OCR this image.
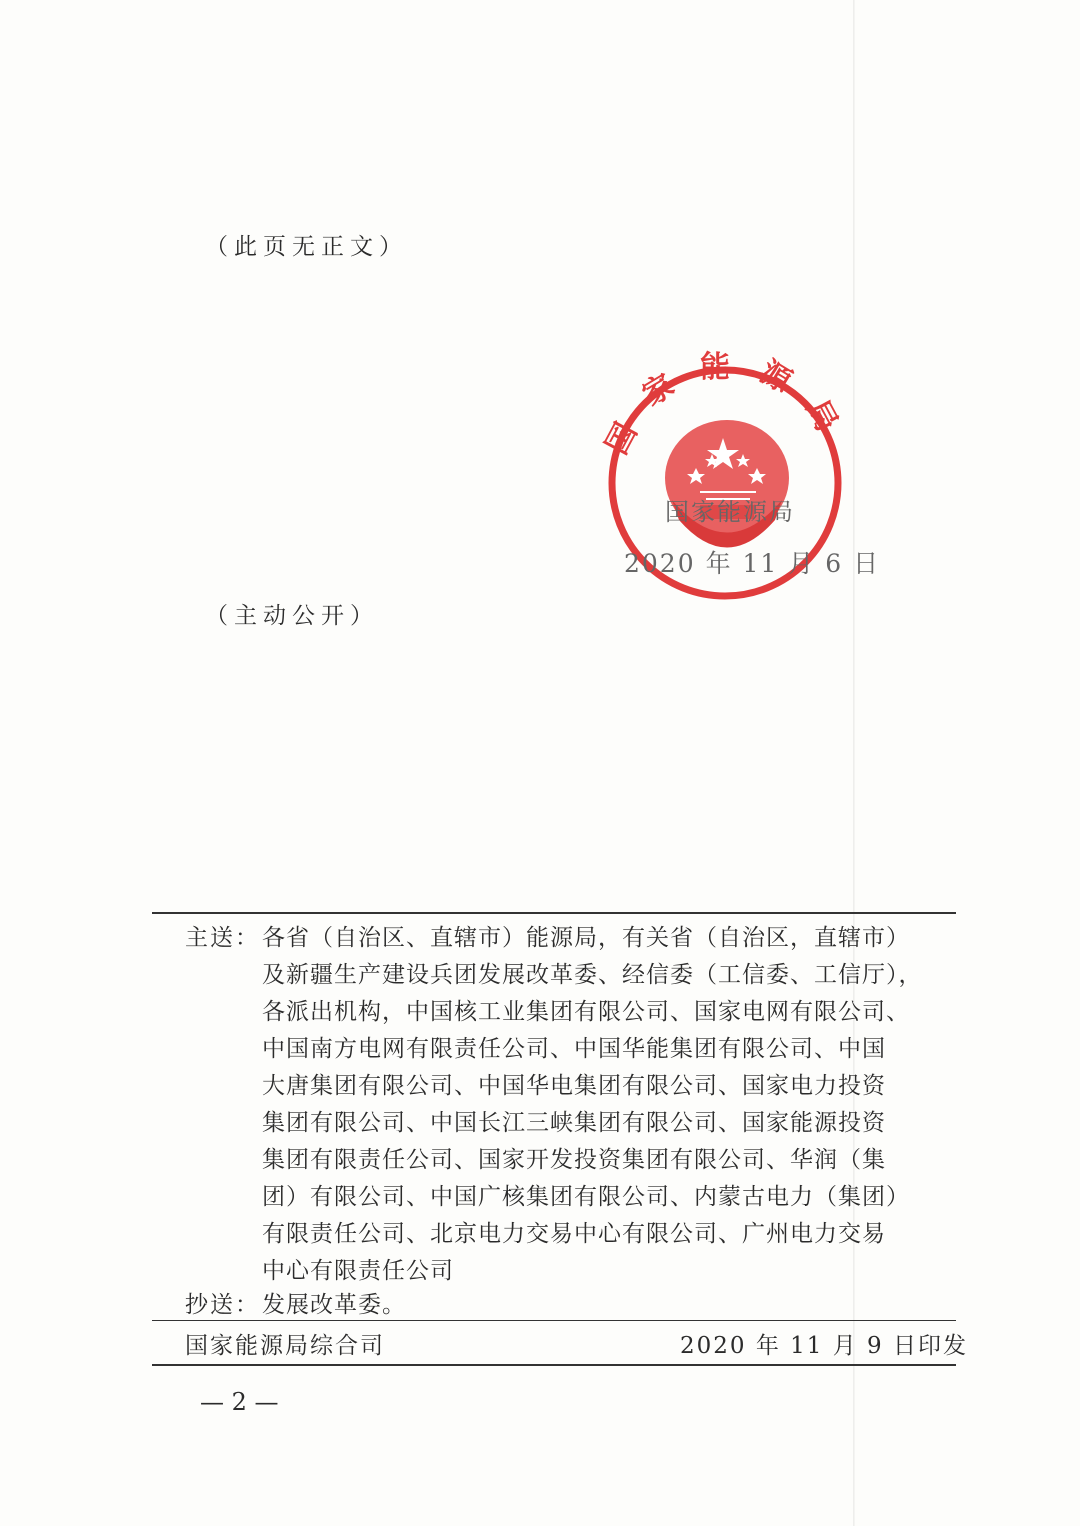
（此页无正文）
国家能源局
国家能源局
2020 年 11 月 6 日
（主动公开）
主送： 各省（自治区、直辖市）能源局，有关省（自治区，直辖市）
及新疆生产建设兵团发展改革委、经信委（工信委、工信厅），
各派出机构，中国核工业集团有限公司、国家电网有限公司、
中国南方电网有限责任公司、中国华能集团有限公司、中国
大唐集团有限公司、中国华电集团有限公司、国家电力投资
集团有限公司、中国长江三峡集团有限公司、国家能源投资
集团有限责任公司、国家开发投资集团有限公司、华润（集
团）有限公司、中国广核集团有限公司、内蒙古电力（集团）
有限责任公司、北京电力交易中心有限公司、广州电力交易
中心有限责任公司
抄送： 发展改革委。
国家能源局综合司	2020 年 11 月 9 日印发
— 2 —
